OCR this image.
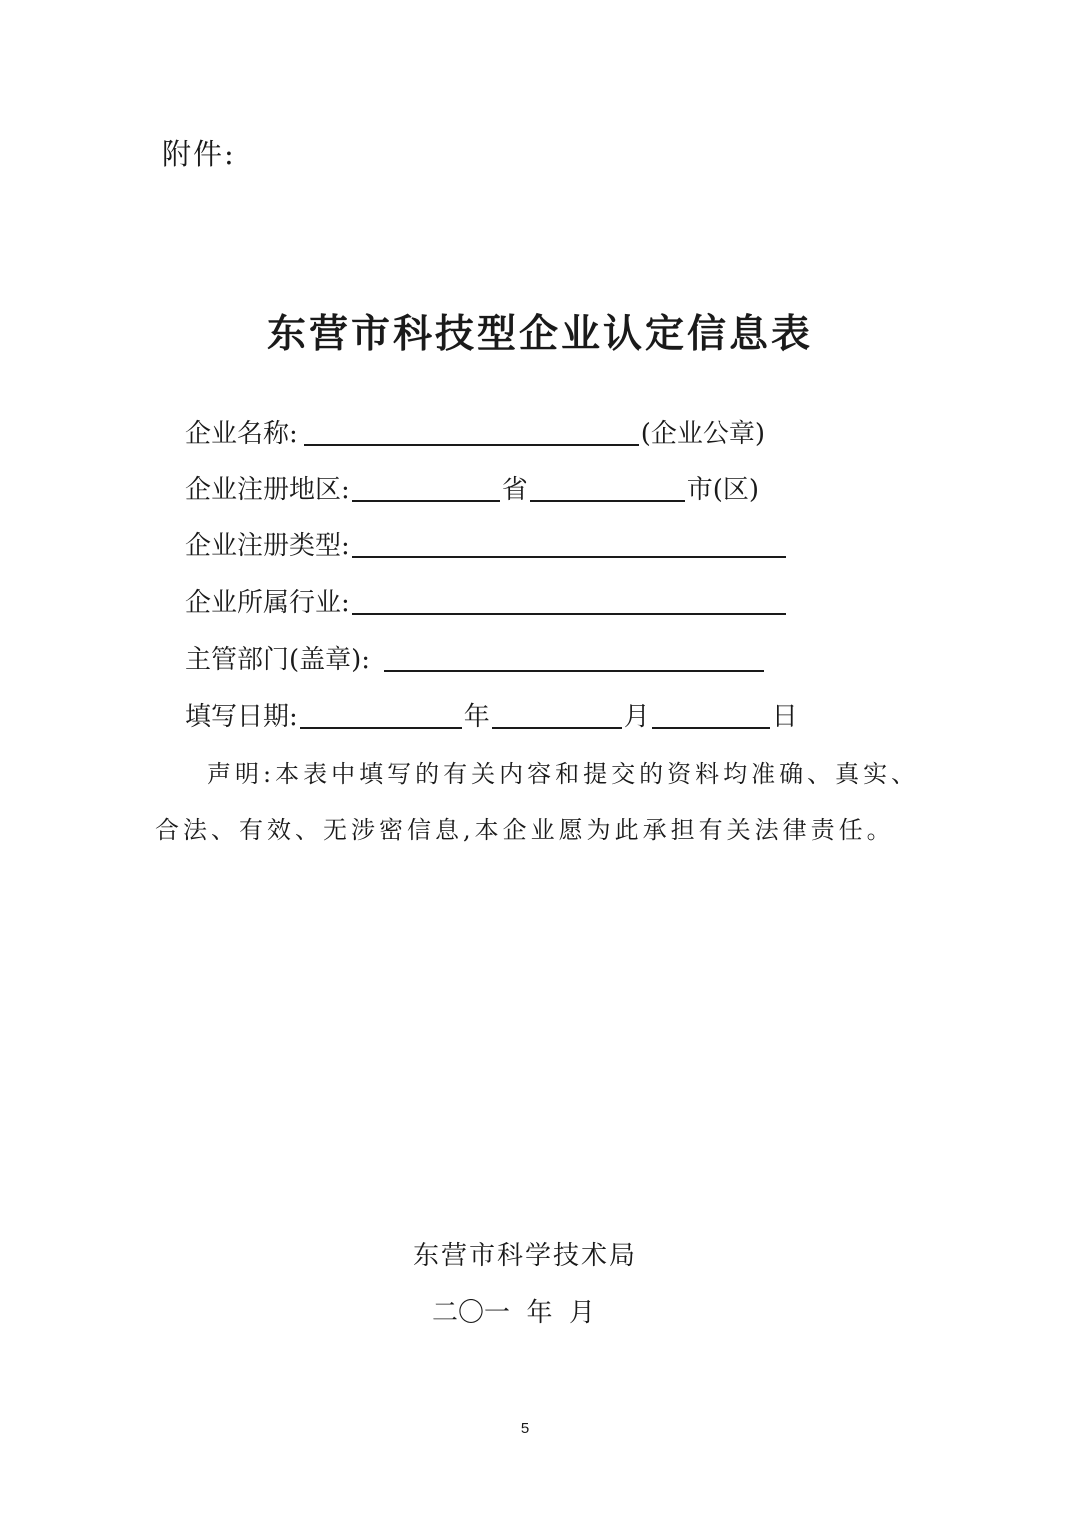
附件:
东营市科技型企业认定信息表
企业名称:	(企业公章)
企业注册地区:	省	市(区)
企业注册类型:
企业所属行业:
主管部门(盖章):
填写日期:	年	月	日
声明:本表中填写的有关内容和提交的资料均准确、真实、
合法、有效、无涉密信息,本企业愿为此承担有关法律责任。
东营市科学技术局
二〇一  年  月
5
